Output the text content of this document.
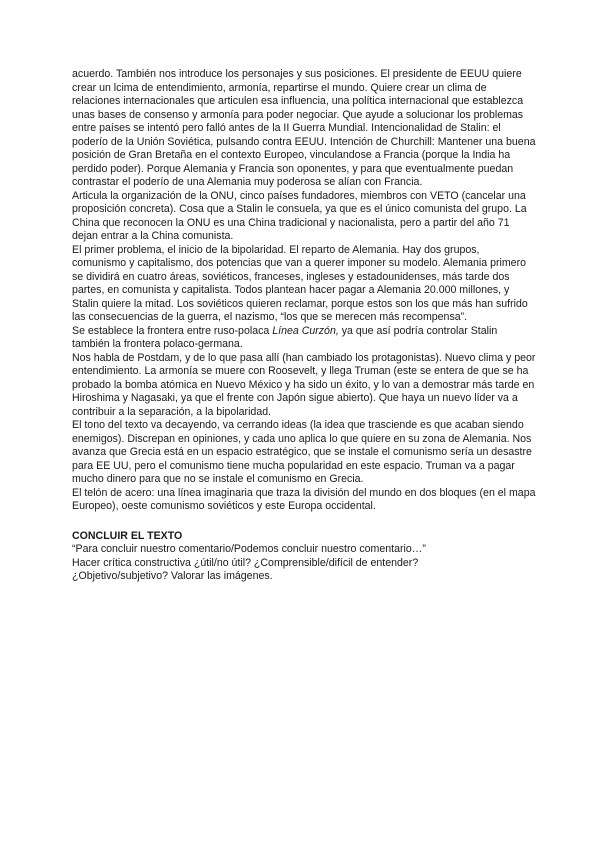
acuerdo. También nos introduce los personajes y sus posiciones. El presidente de EEUU quiere crear un lcima de entendimiento, armonía, repartirse el mundo. Quiere crear un clima de relaciones internacionales que articulen esa influencia, una política internacional que establezca unas bases de consenso y armonía para poder negociar. Que ayude a solucionar los problemas entre países se intentó pero falló antes de la II Guerra Mundial. Intencionalidad de Stalin: el poderío de la Unión Soviética, pulsando contra EEUU. Intención de Churchill: Mantener una buena posición de Gran Bretaña en el contexto Europeo, vinculandose a Francia (porque la India ha perdido poder). Porque Alemania y Francia son oponentes, y para que eventualmente puedan contrastar el poderío de una Alemania muy poderosa se alían con Francia.

Articula la organización de la ONU, cinco países fundadores, miembros con VETO (cancelar una proposición concreta). Cosa que a Stalin le consuela, ya que es el único comunista del grupo. La China que reconocen la ONU es una China tradicional y nacionalista, pero a partir del año 71 dejan entrar a la China comunista.

El primer problema, el inicio de la bipolaridad. El reparto de Alemania. Hay dos grupos, comunismo y capitalismo, dos potencias que van a querer imponer su modelo. Alemania primero se dividirá en cuatro áreas, soviéticos, franceses, ingleses y estadounidenses, más tarde dos partes, en comunista y capitalista. Todos plantean hacer pagar a Alemania 20.000 millones, y Stalin quiere la mitad. Los soviéticos quieren reclamar, porque estos son los que más han sufrido las consecuencias de la guerra, el nazismo, “los que se merecen más recompensa”.

Se establece la frontera entre ruso-polaca Línea Curzón, ya que así podría controlar Stalin también la frontera polaco-germana.

Nos habla de Postdam, y de lo que pasa allí (han cambiado los protagonistas). Nuevo clima y peor entendimiento. La armonía se muere con Roosevelt, y llega Truman (este se entera de que se ha probado la bomba atómica en Nuevo México y ha sido un éxito, y lo van a demostrar más tarde en Hiroshima y Nagasaki, ya que el frente con Japón sigue abierto). Que haya un nuevo líder va a contribuir a la separación, a la bipolaridad.

El tono del texto va decayendo, va cerrando ideas (la idea que trasciende es que acaban siendo enemigos). Discrepan en opiniones, y cada uno aplica lo que quiere en su zona de Alemania. Nos avanza que Grecia está en un espacio estratégico, que se instale el comunismo sería un desastre para EE UU, pero el comunismo tiene mucha popularidad en este espacio. Truman va a pagar mucho dinero para que no se instale el comunismo en Grecia.

El telón de acero: una línea imaginaria que traza la división del mundo en dos bloques (en el mapa Europeo), oeste comunismo soviéticos y este Europa occidental.

CONCLUIR EL TEXTO

“Para concluir nuestro comentario/Podemos concluir nuestro comentario…”

Hacer crítica constructiva ¿útil/no útil? ¿Comprensible/difícil de entender?

¿Objetivo/subjetivo? Valorar las imágenes.
